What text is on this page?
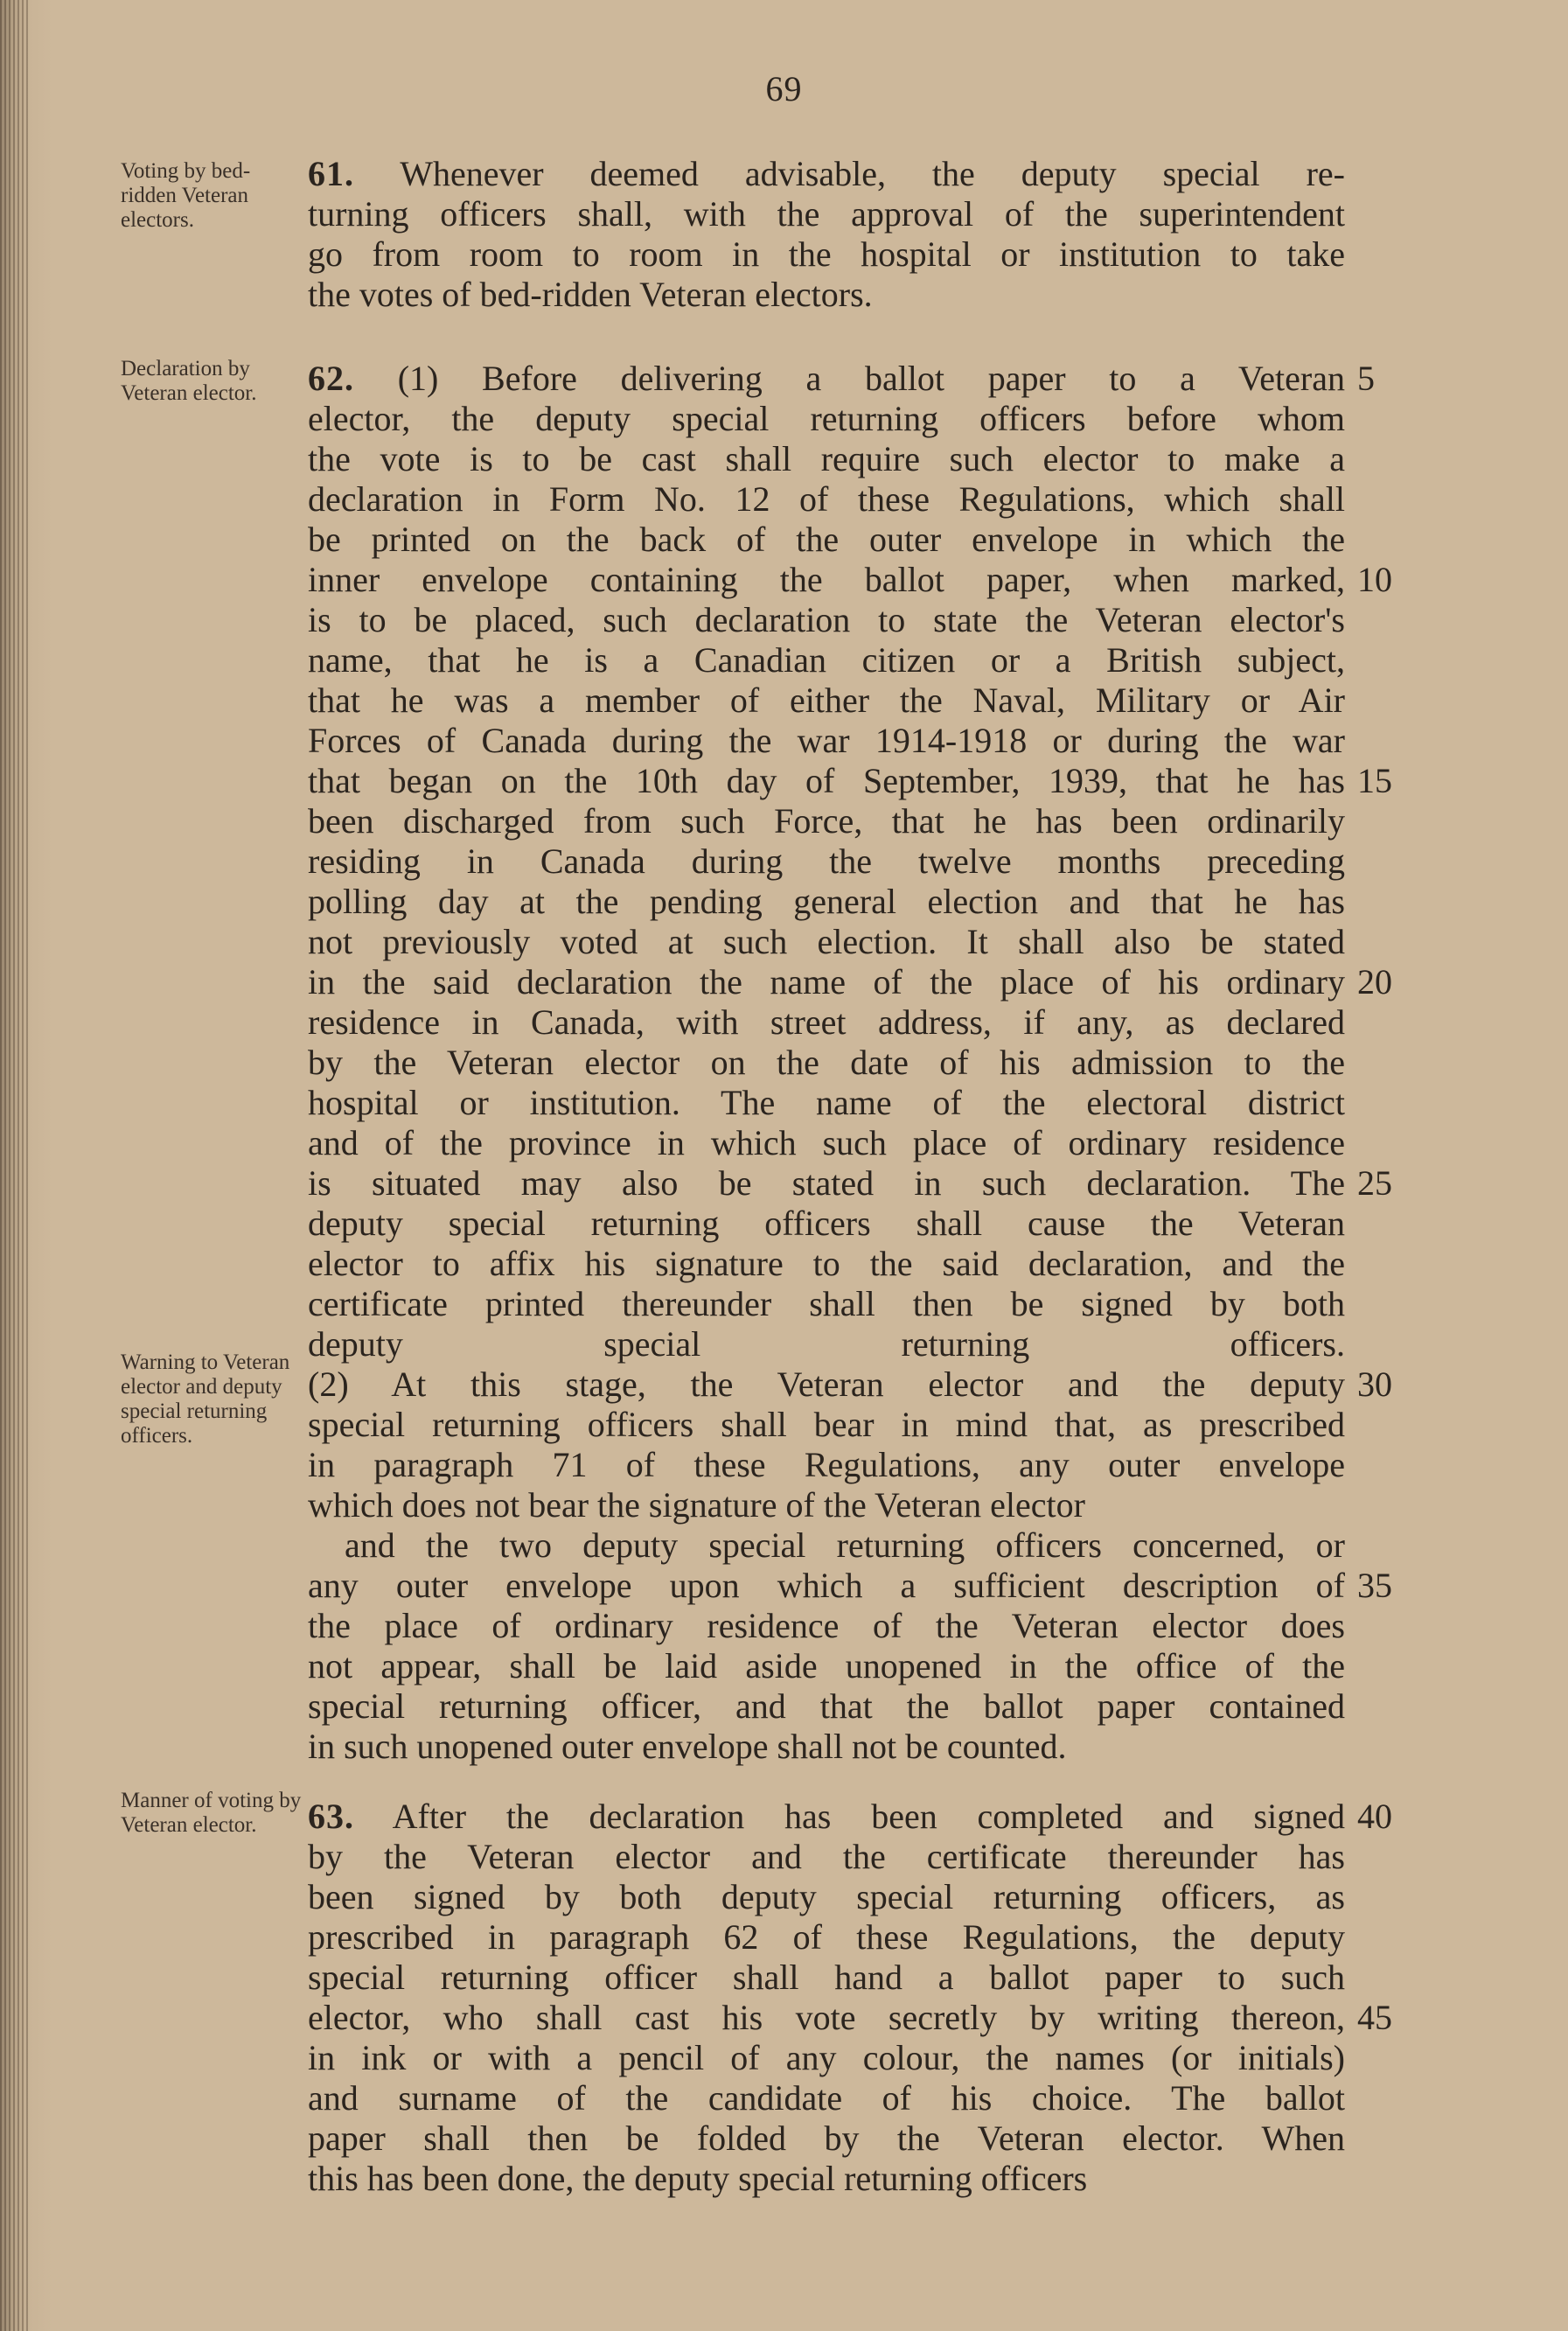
69
Voting by bed-ridden Veteran electors.
Declaration by Veteran elector.
Warning to Veteran elector and deputy special returning officers.
Manner of voting by Veteran elector.
61. Whenever deemed advisable, the deputy special re-
turning officers shall, with the approval of the superintendent
go from room to room in the hospital or institution to take
the votes of bed-ridden Veteran electors.
62. (1) Before delivering a ballot paper to a Veteran 5
elector, the deputy special returning officers before whom
the vote is to be cast shall require such elector to make a
declaration in Form No. 12 of these Regulations, which shall
be printed on the back of the outer envelope in which the
inner envelope containing the ballot paper, when marked, 10
is to be placed, such declaration to state the Veteran elector's
name, that he is a Canadian citizen or a British subject,
that he was a member of either the Naval, Military or Air
Forces of Canada during the war 1914-1918 or during the war
that began on the 10th day of September, 1939, that he has 15
been discharged from such Force, that he has been ordinarily
residing in Canada during the twelve months preceding
polling day at the pending general election and that he has
not previously voted at such election. It shall also be stated
in the said declaration the name of the place of his ordinary 20
residence in Canada, with street address, if any, as declared
by the Veteran elector on the date of his admission to the
hospital or institution. The name of the electoral district
and of the province in which such place of ordinary residence
is situated may also be stated in such declaration. The 25
deputy special returning officers shall cause the Veteran
elector to affix his signature to the said declaration, and the
certificate printed thereunder shall then be signed by both
deputy special returning officers.
(2) At this stage, the Veteran elector and the deputy 30
special returning officers shall bear in mind that, as prescribed
in paragraph 71 of these Regulations, any outer envelope
which does not bear the signature of the Veteran elector
and the two deputy special returning officers concerned, or
any outer envelope upon which a sufficient description of 35
the place of ordinary residence of the Veteran elector does
not appear, shall be laid aside unopened in the office of the
special returning officer, and that the ballot paper contained
in such unopened outer envelope shall not be counted.
63. After the declaration has been completed and signed 40
by the Veteran elector and the certificate thereunder has
been signed by both deputy special returning officers, as
prescribed in paragraph 62 of these Regulations, the deputy
special returning officer shall hand a ballot paper to such
elector, who shall cast his vote secretly by writing thereon, 45
in ink or with a pencil of any colour, the names (or initials)
and surname of the candidate of his choice. The ballot
paper shall then be folded by the Veteran elector. When
this has been done, the deputy special returning officers
